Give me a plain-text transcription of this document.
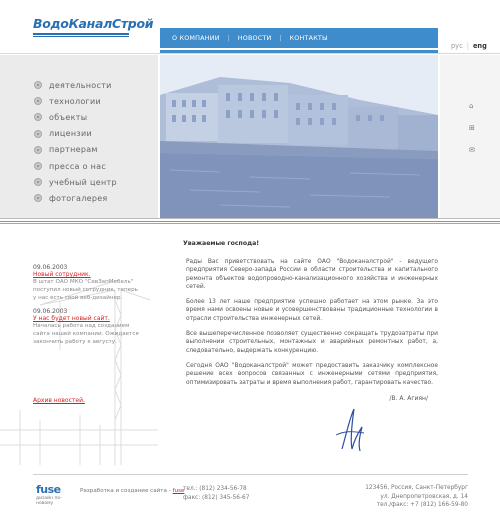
ВодоКаналСтрой
О КОМПАНИИ | НОВОСТИ | КОНТАКТЫ
рус | eng
деятельности
технологии
объекты
лицензии
партнерам
пресса о нас
учебный центр
фотогалерея
⌂
⊞
✉
09.06.2003
Новый сотрудник.
В штат ОАО МКО "СевЗапМебель" поступил новый сотрудник, теперь у нас есть свой веб-дизайнер.
09.06.2003
У нас будет новый сайт.
Началась работа над созданием сайта нашей компании. Ожидается закончить работу к августу.
Архив новостей.
Уважаемые господа!

Рады Вас приветствовать на сайте ОАО "Водоканалстрой" - ведущего предприятия Северо-запада России в области строительства и капитального ремонта объектов водопроводно-канализационного хозяйства и инженерных сетей.

Более 13 лет наше предприятие успешно работает на этом рынке. За это время нами освоены новые и усовершенствованы традиционные технологии в отрасли строительства инженерных сетей.

Все вышеперечисленное позволяет существенно сокращать трудозатраты при выполнении строительных, монтажных и аварийных ремонтных работ, а, следовательно, выдержать конкуренцию.

Сегодня ОАО "Водоканалстрой" может предоставить заказчику комплексное решение всех вопросов связанных с инженерными сетями предприятия, оптимизировать затраты и время выполнения работ, гарантировать качество.

/В. А. Агиян/
fuse
дизайн по-новому
Разработка и создание сайта - fuse
тел.: (812) 234-56-78
факс: (812) 345-56-67
123456, Россия, Санкт-Петербург
ул. Днепропетровская, д. 14
тел./факс: +7 (812) 166-59-80
